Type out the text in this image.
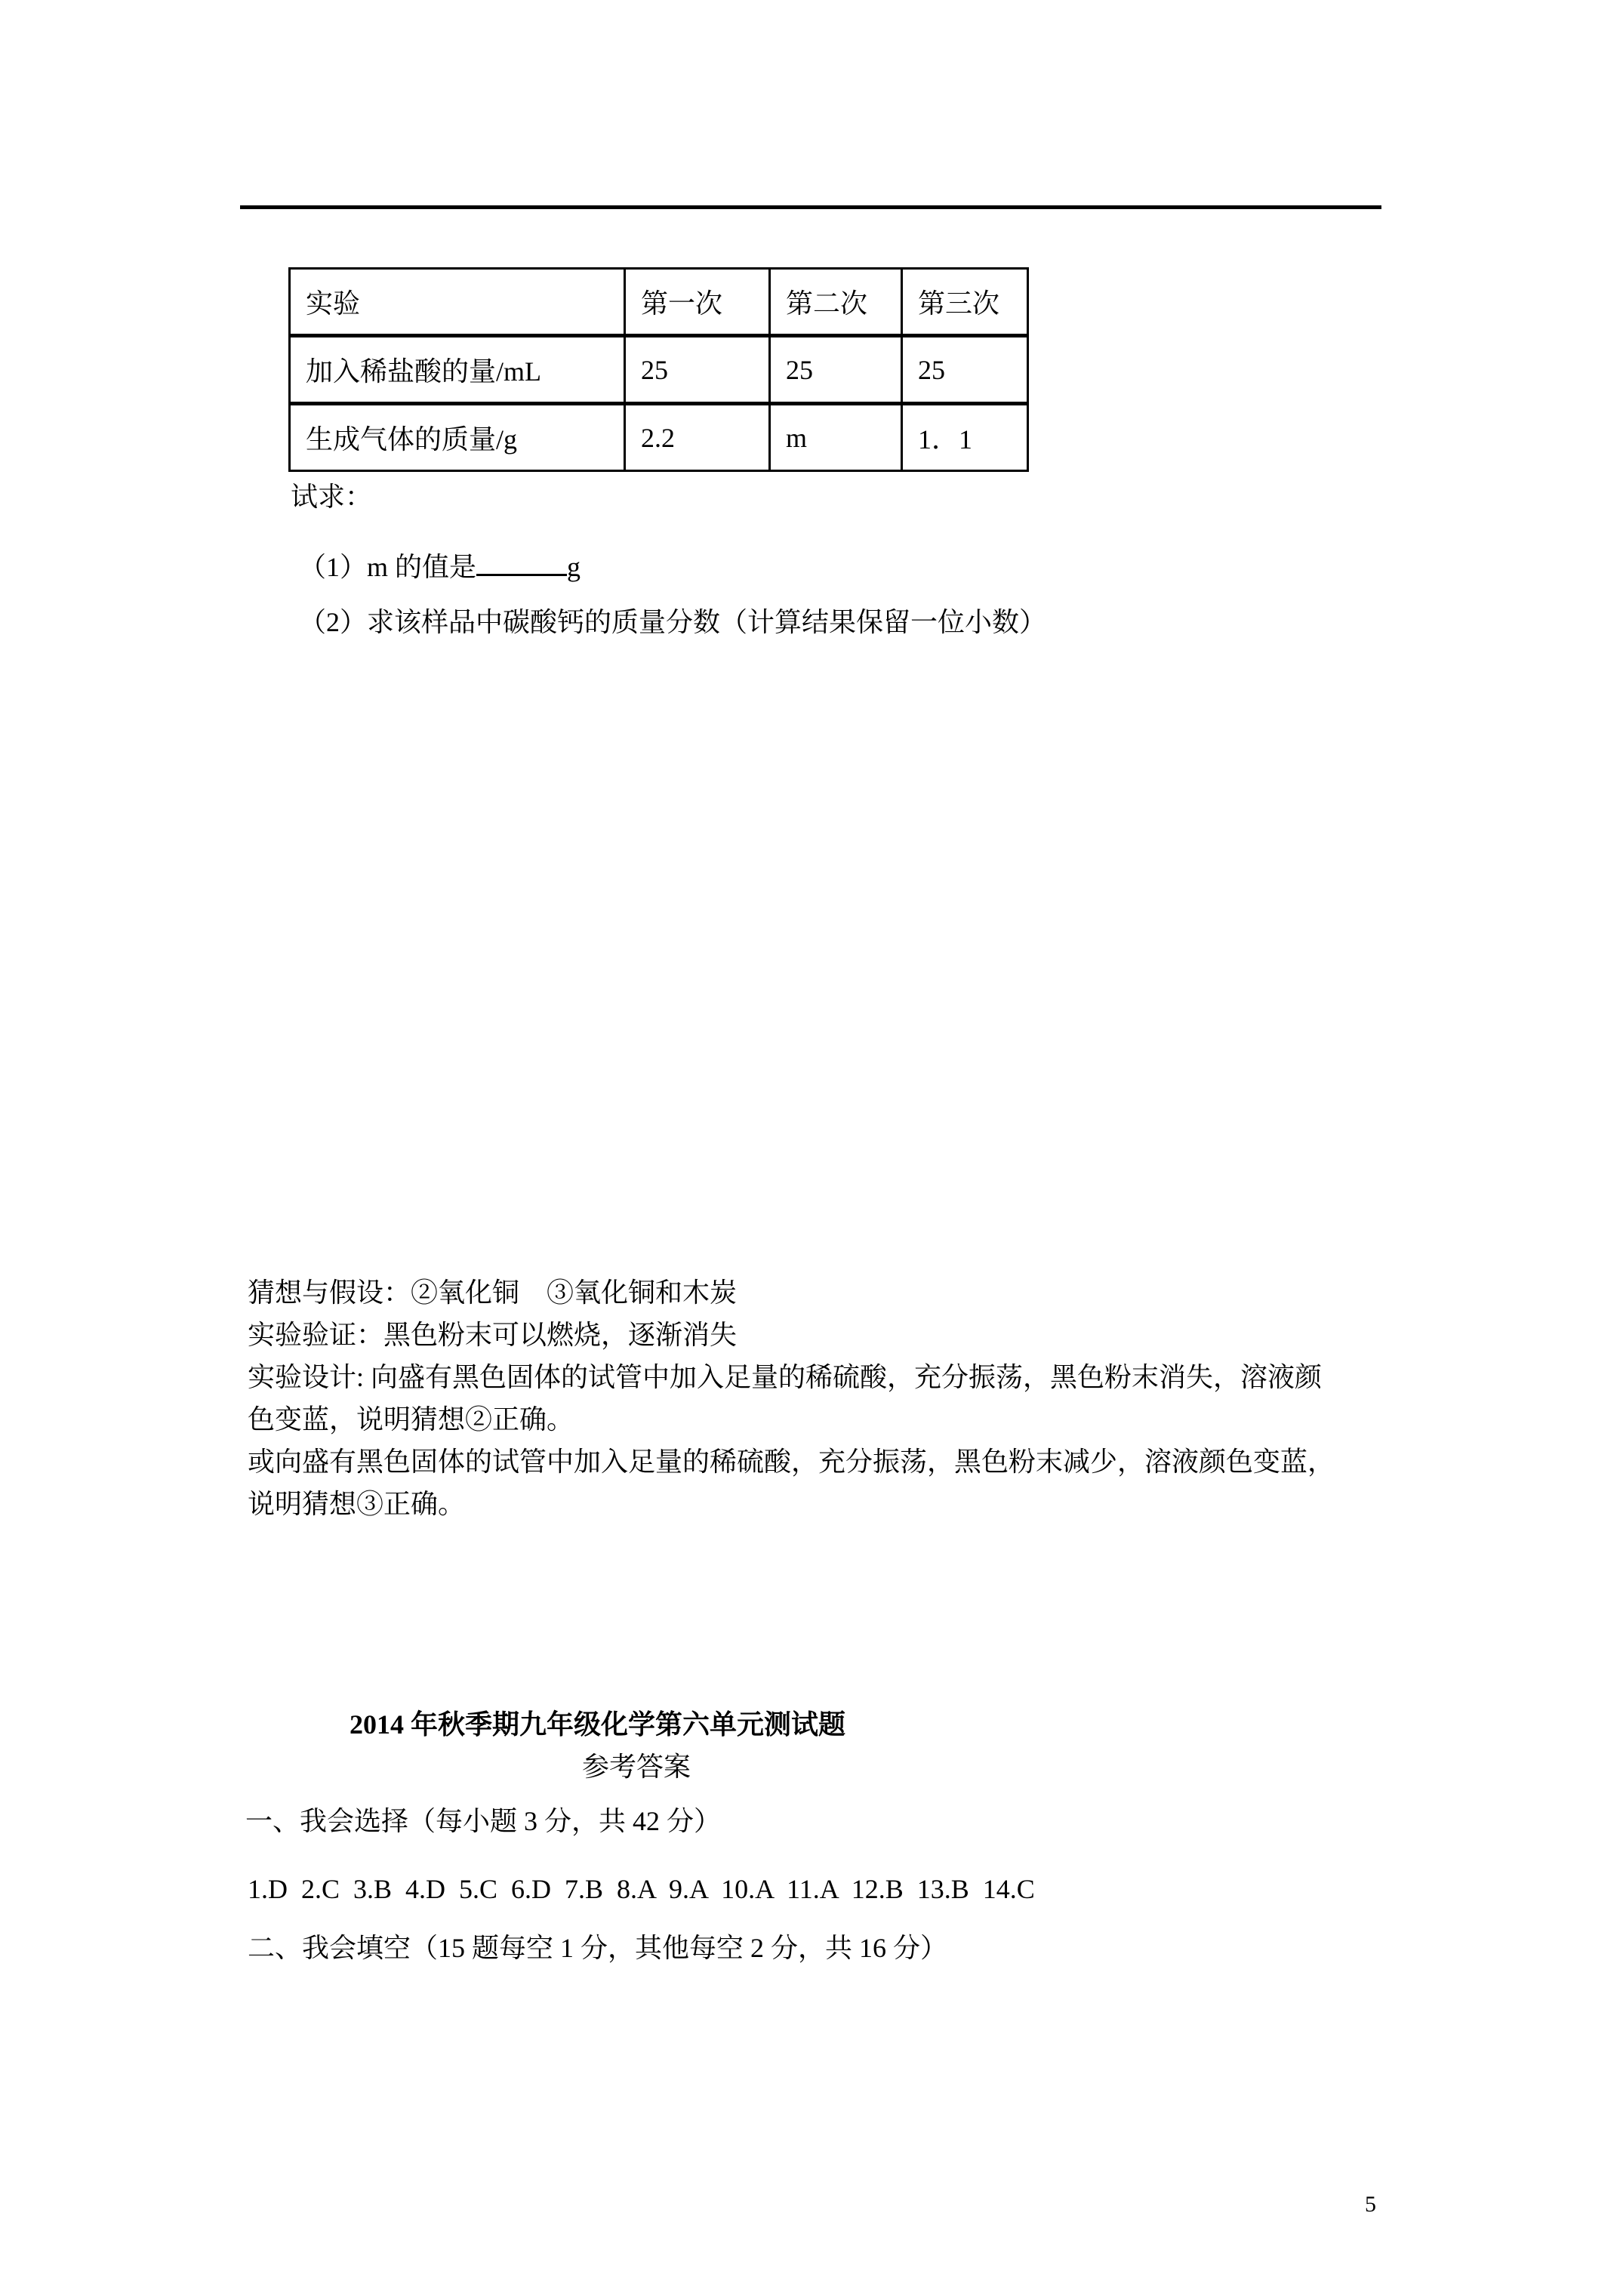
实验	第一次	第二次	第三次
加入稀盐酸的量/mL	25	25	25
生成气体的质量/g	2.2	m	1．1
试求：
（1）m 的值是	g
（2）求该样品中碳酸钙的质量分数（计算结果保留一位小数）
猜想与假设：②氧化铜　③氧化铜和木炭
实验验证：黑色粉末可以燃烧，逐渐消失
实验设计: 向盛有黑色固体的试管中加入足量的稀硫酸，充分振荡，黑色粉末消失，溶液颜
色变蓝，说明猜想②正确。
或向盛有黑色固体的试管中加入足量的稀硫酸，充分振荡，黑色粉末减少，溶液颜色变蓝，
说明猜想③正确。
2014 年秋季期九年级化学第六单元测试题
参考答案
一、我会选择（每小题 3 分，共 42 分）
1.D  2.C  3.B  4.D  5.C  6.D  7.B  8.A  9.A  10.A  11.A  12.B  13.B  14.C
二、我会填空（15 题每空 1 分，其他每空 2 分，共 16 分）
5
